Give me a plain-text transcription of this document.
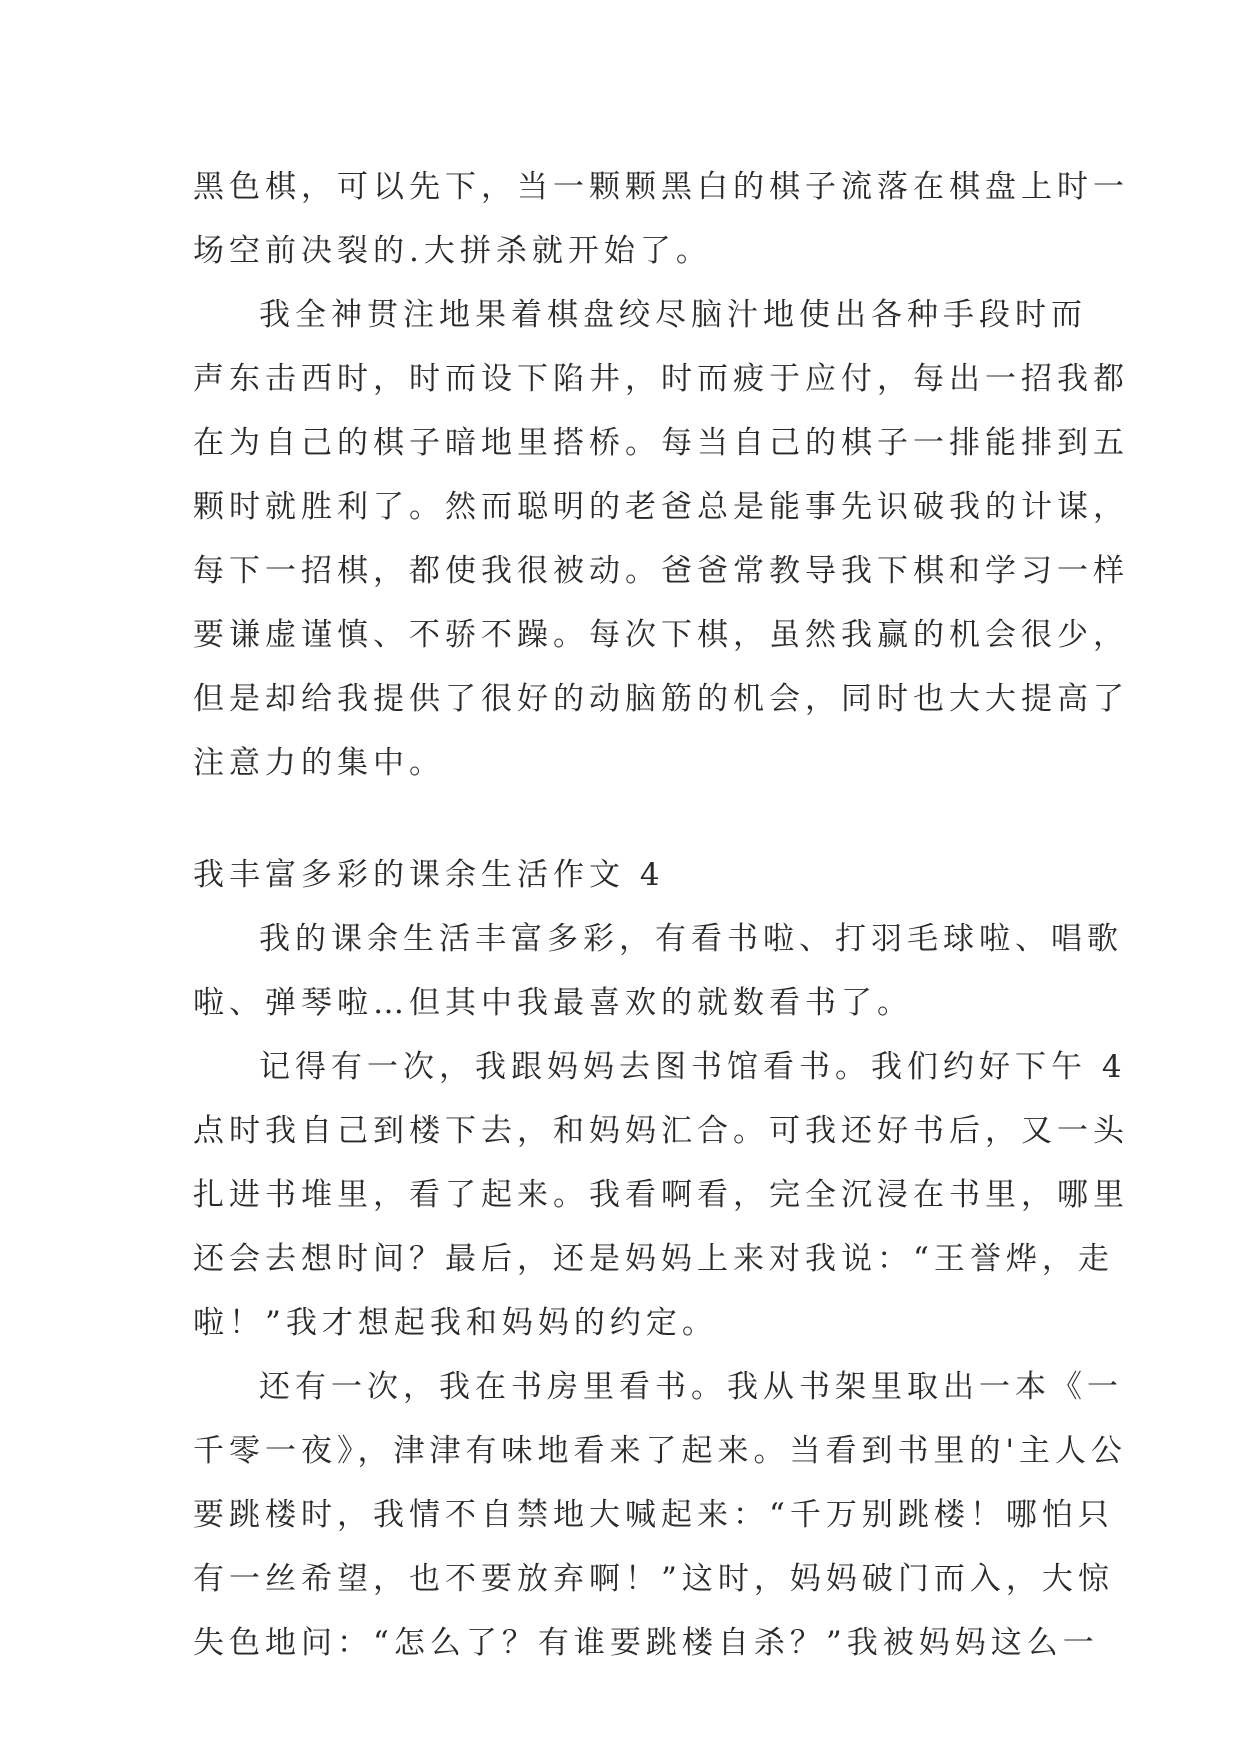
黑色棋，可以先下，当一颗颗黑白的棋子流落在棋盘上时一
场空前决裂的.大拼杀就开始了。
我全神贯注地果着棋盘绞尽脑汁地使出各种手段时而
声东击西时，时而设下陷井，时而疲于应付，每出一招我都
在为自己的棋子暗地里搭桥。每当自己的棋子一排能排到五
颗时就胜利了。然而聪明的老爸总是能事先识破我的计谋，
每下一招棋，都使我很被动。爸爸常教导我下棋和学习一样
要谦虚谨慎、不骄不躁。每次下棋，虽然我赢的机会很少，
但是却给我提供了很好的动脑筋的机会，同时也大大提高了
注意力的集中。
我丰富多彩的课余生活作文 4
我的课余生活丰富多彩，有看书啦、打羽毛球啦、唱歌
啦、弹琴啦…但其中我最喜欢的就数看书了。
记得有一次，我跟妈妈去图书馆看书。我们约好下午 4
点时我自己到楼下去，和妈妈汇合。可我还好书后，又一头
扎进书堆里，看了起来。我看啊看，完全沉浸在书里，哪里
还会去想时间？最后，还是妈妈上来对我说：“王誉烨，走
啦！”我才想起我和妈妈的约定。
还有一次，我在书房里看书。我从书架里取出一本《一
千零一夜》，津津有味地看来了起来。当看到书里的'主人公
要跳楼时，我情不自禁地大喊起来：“千万别跳楼！哪怕只
有一丝希望，也不要放弃啊！”这时，妈妈破门而入，大惊
失色地问：“怎么了？有谁要跳楼自杀？”我被妈妈这么一
